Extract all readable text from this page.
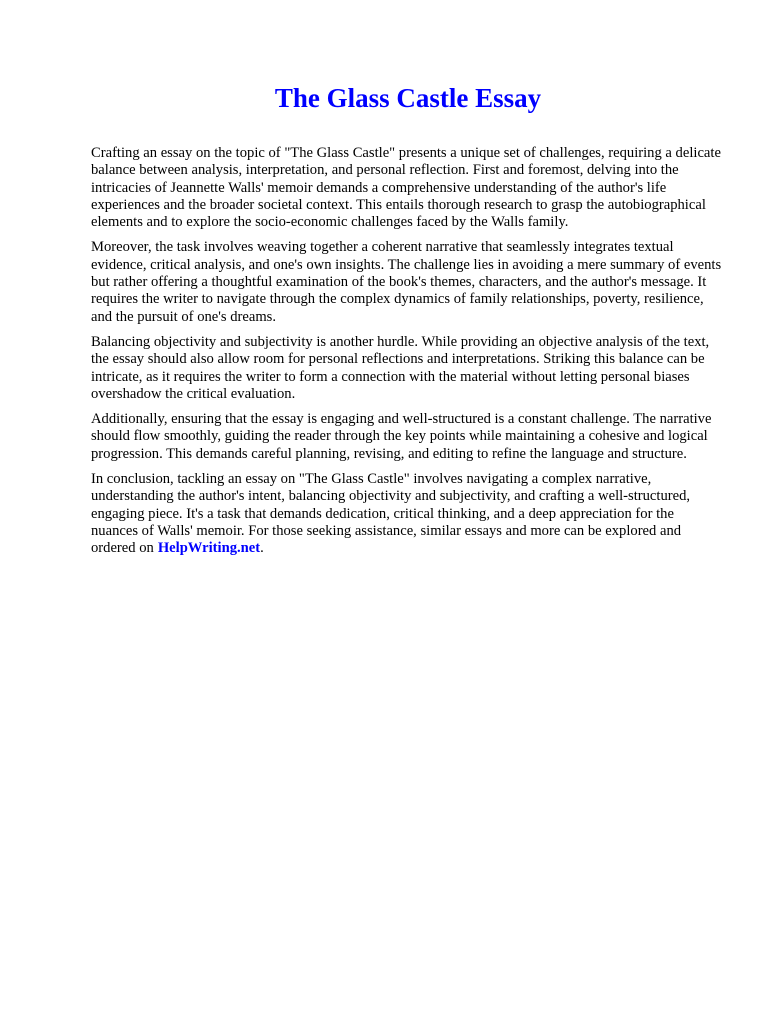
The Glass Castle Essay

Crafting an essay on the topic of "The Glass Castle" presents a unique set of challenges, requiring a delicate balance between analysis, interpretation, and personal reflection. First and foremost, delving into the intricacies of Jeannette Walls' memoir demands a comprehensive understanding of the author's life experiences and the broader societal context. This entails thorough research to grasp the autobiographical elements and to explore the socio-economic challenges faced by the Walls family.

Moreover, the task involves weaving together a coherent narrative that seamlessly integrates textual evidence, critical analysis, and one's own insights. The challenge lies in avoiding a mere summary of events but rather offering a thoughtful examination of the book's themes, characters, and the author's message. It requires the writer to navigate through the complex dynamics of family relationships, poverty, resilience, and the pursuit of one's dreams.

Balancing objectivity and subjectivity is another hurdle. While providing an objective analysis of the text, the essay should also allow room for personal reflections and interpretations. Striking this balance can be intricate, as it requires the writer to form a connection with the material without letting personal biases overshadow the critical evaluation.

Additionally, ensuring that the essay is engaging and well-structured is a constant challenge. The narrative should flow smoothly, guiding the reader through the key points while maintaining a cohesive and logical progression. This demands careful planning, revising, and editing to refine the language and structure.

In conclusion, tackling an essay on "The Glass Castle" involves navigating a complex narrative, understanding the author's intent, balancing objectivity and subjectivity, and crafting a well-structured, engaging piece. It's a task that demands dedication, critical thinking, and a deep appreciation for the nuances of Walls' memoir. For those seeking assistance, similar essays and more can be explored and ordered on HelpWriting.net.
